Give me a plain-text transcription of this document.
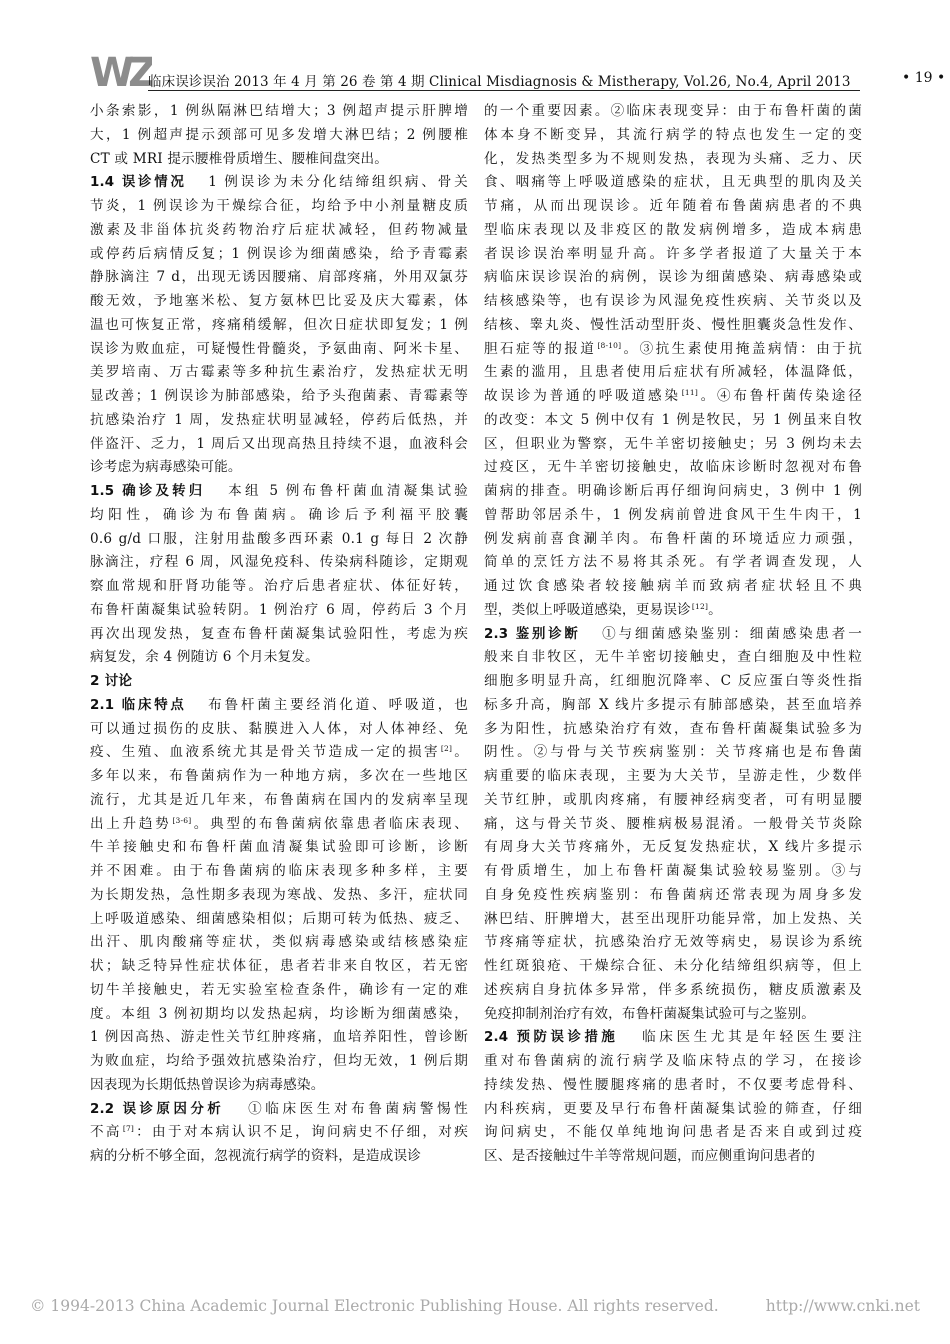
WZ
临床误诊误治 2013 年 4 月 第 26 卷 第 4 期 Clinical Misdiagnosis & Mistherapy, Vol.26, No.4, April 2013	• 19 •
小条索影，1 例纵隔淋巴结增大；3 例超声提示肝脾增
大，1 例超声提示颈部可见多发增大淋巴结；2 例腰椎
CT 或 MRI 提示腰椎骨质增生、腰椎间盘突出。
1.4 误诊情况 1 例误诊为未分化结缔组织病、骨关
节炎，1 例误诊为干燥综合征，均给予中小剂量糖皮质
激素及非甾体抗炎药物治疗后症状减轻，但药物减量
或停药后病情反复；1 例误诊为细菌感染，给予青霉素
静脉滴注 7 d，出现无诱因腰痛、肩部疼痛，外用双氯芬
酸无效，予地塞米松、复方氨林巴比妥及庆大霉素，体
温也可恢复正常，疼痛稍缓解，但次日症状即复发；1 例
误诊为败血症，可疑慢性骨髓炎，予氨曲南、阿米卡星、
美罗培南、万古霉素等多种抗生素治疗，发热症状无明
显改善；1 例误诊为肺部感染，给予头孢菌素、青霉素等
抗感染治疗 1 周，发热症状明显减轻，停药后低热，并
伴盗汗、乏力，1 周后又出现高热且持续不退，血液科会
诊考虑为病毒感染可能。
1.5 确诊及转归 本组 5 例布鲁杆菌血清凝集试验
均阳性，确诊为布鲁菌病。确诊后予利福平胶囊
0.6 g/d 口服，注射用盐酸多西环素 0.1 g 每日 2 次静
脉滴注，疗程 6 周，风湿免疫科、传染病科随诊，定期观
察血常规和肝肾功能等。治疗后患者症状、体征好转，
布鲁杆菌凝集试验转阴。1 例治疗 6 周，停药后 3 个月
再次出现发热，复查布鲁杆菌凝集试验阳性，考虑为疾
病复发，余 4 例随访 6 个月未复发。
2 讨论
2.1 临床特点 布鲁杆菌主要经消化道、呼吸道，也
可以通过损伤的皮肤、黏膜进入人体，对人体神经、免
疫、生殖、血液系统尤其是骨关节造成一定的损害[2]。
多年以来，布鲁菌病作为一种地方病，多次在一些地区
流行，尤其是近几年来，布鲁菌病在国内的发病率呈现
出上升趋势[3-6]。典型的布鲁菌病依靠患者临床表现、
牛羊接触史和布鲁杆菌血清凝集试验即可诊断，诊断
并不困难。由于布鲁菌病的临床表现多种多样，主要
为长期发热，急性期多表现为寒战、发热、多汗，症状同
上呼吸道感染、细菌感染相似；后期可转为低热、疲乏、
出汗、肌肉酸痛等症状，类似病毒感染或结核感染症
状；缺乏特异性症状体征，患者若非来自牧区，若无密
切牛羊接触史，若无实验室检查条件，确诊有一定的难
度。本组 3 例初期均以发热起病，均诊断为细菌感染，
1 例因高热、游走性关节红肿疼痛，血培养阳性，曾诊断
为败血症，均给予强效抗感染治疗，但均无效，1 例后期
因表现为长期低热曾误诊为病毒感染。
2.2 误诊原因分析 ①临床医生对布鲁菌病警惕性
不高[7]：由于对本病认识不足，询问病史不仔细，对疾
病的分析不够全面，忽视流行病学的资料，是造成误诊
的一个重要因素。②临床表现变异：由于布鲁杆菌的菌
体本身不断变异，其流行病学的特点也发生一定的变
化，发热类型多为不规则发热，表现为头痛、乏力、厌
食、咽痛等上呼吸道感染的症状，且无典型的肌肉及关
节痛，从而出现误诊。近年随着布鲁菌病患者的不典
型临床表现以及非疫区的散发病例增多，造成本病患
者误诊误治率明显升高。许多学者报道了大量关于本
病临床误诊误治的病例，误诊为细菌感染、病毒感染或
结核感染等，也有误诊为风湿免疫性疾病、关节炎以及
结核、睾丸炎、慢性活动型肝炎、慢性胆囊炎急性发作、
胆石症等的报道[8-10]。③抗生素使用掩盖病情：由于抗
生素的滥用，且患者使用后症状有所减轻，体温降低，
故误诊为普通的呼吸道感染[11]。④布鲁杆菌传染途径
的改变：本文 5 例中仅有 1 例是牧民，另 1 例虽来自牧
区，但职业为警察，无牛羊密切接触史；另 3 例均未去
过疫区，无牛羊密切接触史，故临床诊断时忽视对布鲁
菌病的排查。明确诊断后再仔细询问病史，3 例中 1 例
曾帮助邻居杀牛，1 例发病前曾进食风干生牛肉干，1
例发病前喜食涮羊肉。布鲁杆菌的环境适应力顽强，
简单的烹饪方法不易将其杀死。有学者调查发现，人
通过饮食感染者较接触病羊而致病者症状轻且不典
型，类似上呼吸道感染，更易误诊[12]。
2.3 鉴别诊断 ①与细菌感染鉴别：细菌感染患者一
般来自非牧区，无牛羊密切接触史，查白细胞及中性粒
细胞多明显升高，红细胞沉降率、C 反应蛋白等炎性指
标多升高，胸部 X 线片多提示有肺部感染，甚至血培养
多为阳性，抗感染治疗有效，查布鲁杆菌凝集试验多为
阴性。②与骨与关节疾病鉴别：关节疼痛也是布鲁菌
病重要的临床表现，主要为大关节，呈游走性，少数伴
关节红肿，或肌肉疼痛，有腰神经病变者，可有明显腰
痛，这与骨关节炎、腰椎病极易混淆。一般骨关节炎除
有周身大关节疼痛外，无反复发热症状，X 线片多提示
有骨质增生，加上布鲁杆菌凝集试验较易鉴别。③与
自身免疫性疾病鉴别：布鲁菌病还常表现为周身多发
淋巴结、肝脾增大，甚至出现肝功能异常，加上发热、关
节疼痛等症状，抗感染治疗无效等病史，易误诊为系统
性红斑狼疮、干燥综合征、未分化结缔组织病等，但上
述疾病自身抗体多异常，伴多系统损伤，糖皮质激素及
免疫抑制剂治疗有效，布鲁杆菌凝集试验可与之鉴别。
2.4 预防误诊措施 临床医生尤其是年轻医生要注
重对布鲁菌病的流行病学及临床特点的学习，在接诊
持续发热、慢性腰腿疼痛的患者时，不仅要考虑骨科、
内科疾病，更要及早行布鲁杆菌凝集试验的筛查，仔细
询问病史，不能仅单纯地询问患者是否来自或到过疫
区、是否接触过牛羊等常规问题，而应侧重询问患者的
© 1994-2013 China Academic Journal Electronic Publishing House. All rights reserved.	http://www.cnki.net
